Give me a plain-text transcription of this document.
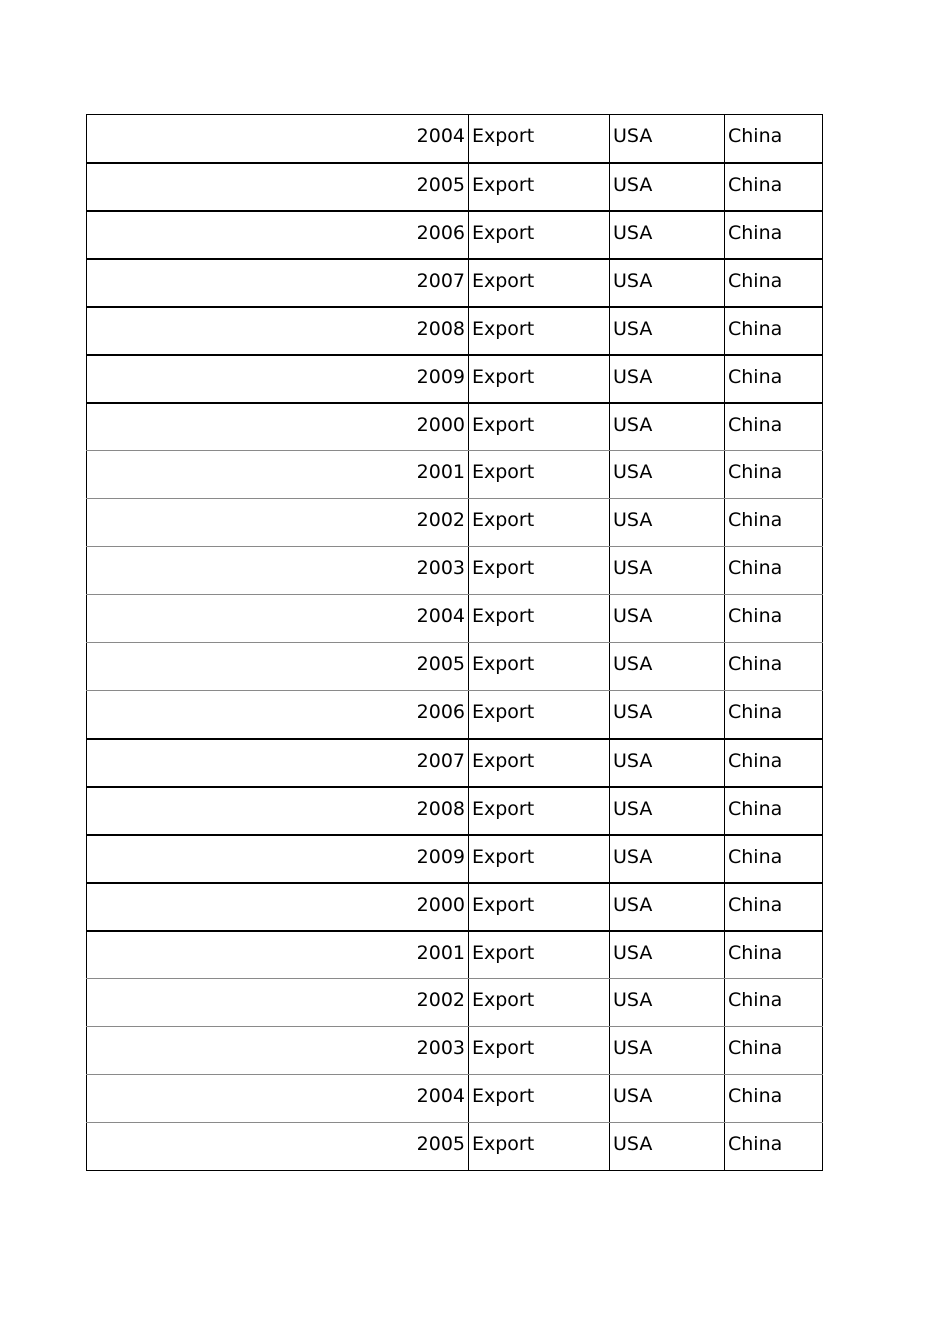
2004	Export	USA	China
2005	Export	USA	China
2006	Export	USA	China
2007	Export	USA	China
2008	Export	USA	China
2009	Export	USA	China
2000	Export	USA	China
2001	Export	USA	China
2002	Export	USA	China
2003	Export	USA	China
2004	Export	USA	China
2005	Export	USA	China
2006	Export	USA	China
2007	Export	USA	China
2008	Export	USA	China
2009	Export	USA	China
2000	Export	USA	China
2001	Export	USA	China
2002	Export	USA	China
2003	Export	USA	China
2004	Export	USA	China
2005	Export	USA	China
